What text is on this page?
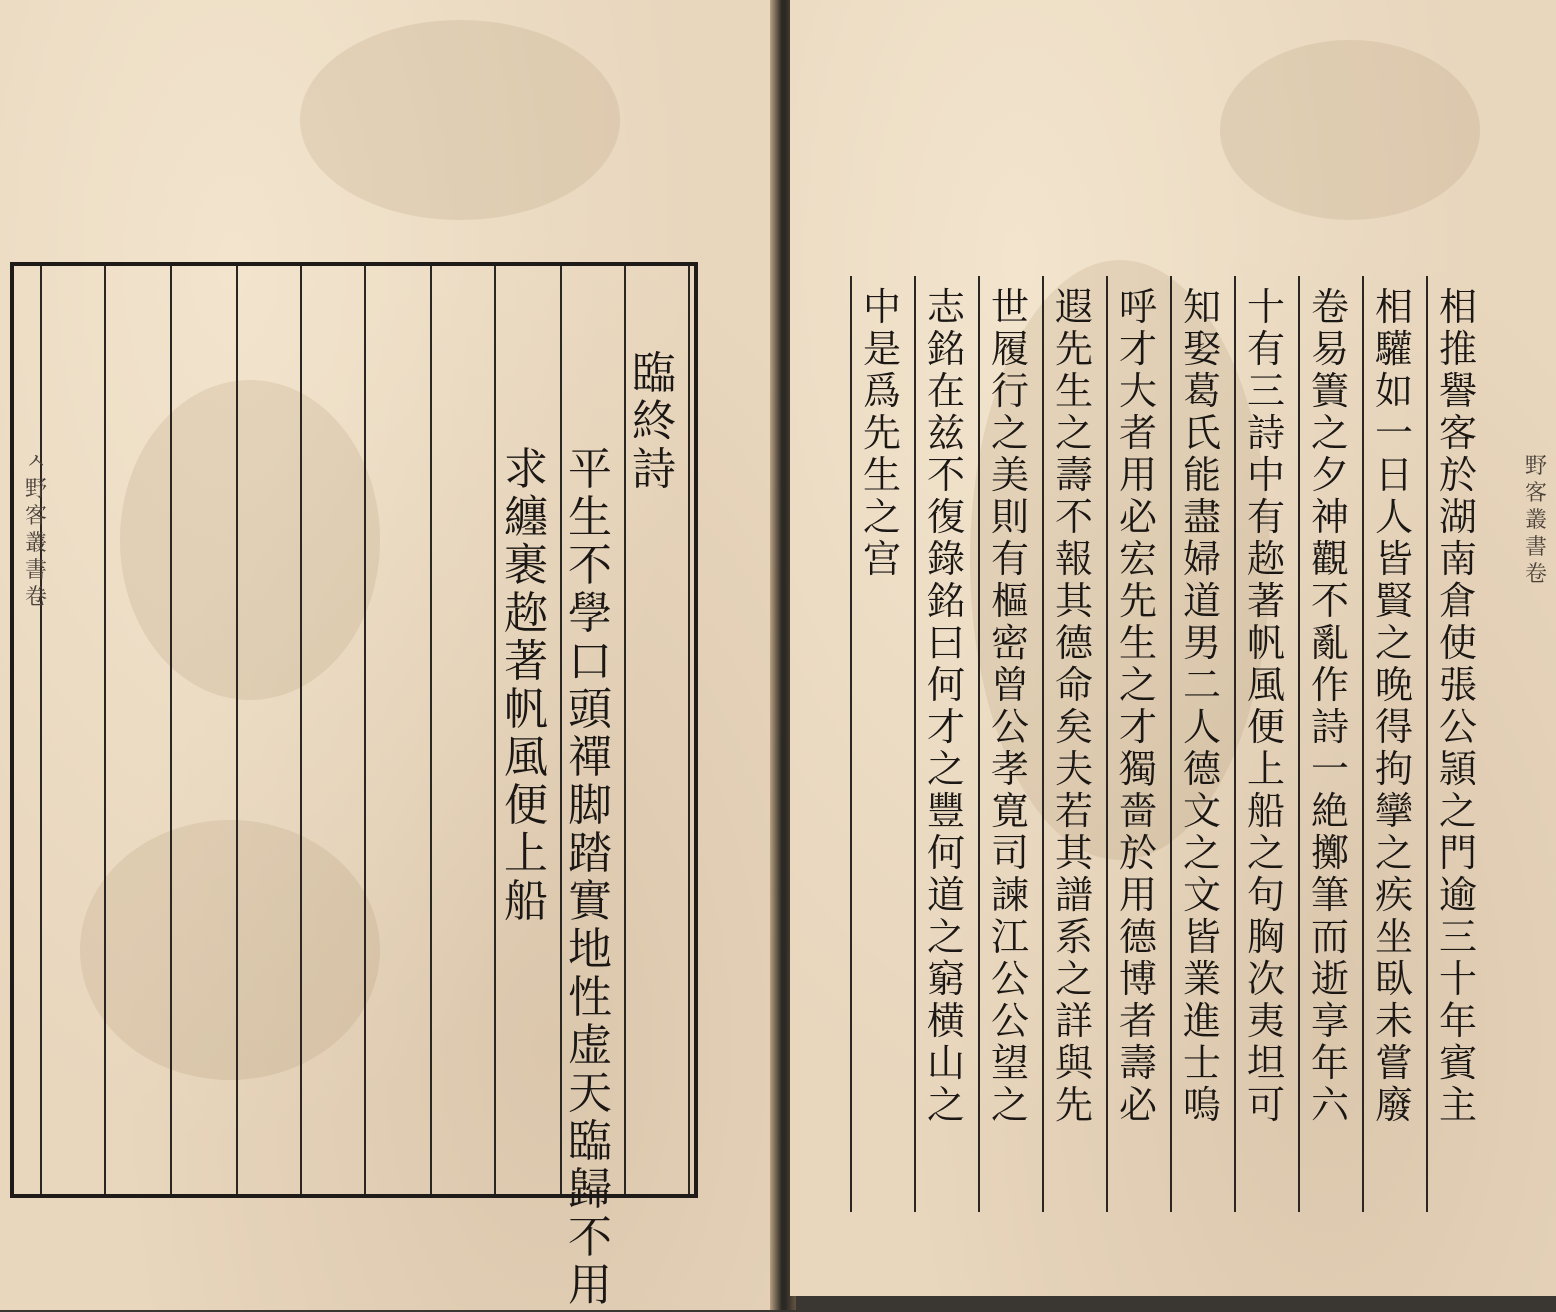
ㅅ
野
客
叢
書
卷
臨
終
詩
平
生
不
學
口
頭
禪
脚
踏
實
地
性
虚
天
臨
歸
不
用
求
纏
裹
趂
著
帆
風
便
上
船
野
客
叢
書
卷
相
推
譽
客
於
湖
南
倉
使
張
公
頴
之
門
逾
三
十
年
賓
主
相
驩
如
一
日
人
皆
賢
之
晚
得
拘
攣
之
疾
坐
臥
未
嘗
廢
卷
易
簀
之
夕
神
觀
不
亂
作
詩
一
絶
擲
筆
而
逝
享
年
六
十
有
三
詩
中
有
趂
著
帆
風
便
上
船
之
句
胸
次
夷
坦
可
知
娶
葛
氏
能
盡
婦
道
男
二
人
德
文
之
文
皆
業
進
士
嗚
呼
才
大
者
用
必
宏
先
生
之
才
獨
嗇
於
用
德
博
者
壽
必
遐
先
生
之
壽
不
報
其
德
命
矣
夫
若
其
譜
系
之
詳
與
先
世
履
行
之
美
則
有
樞
密
曾
公
孝
寛
司
諫
江
公
公
望
之
志
銘
在
兹
不
復
錄
銘
曰
何
才
之
豐
何
道
之
窮
横
山
之
中
是
爲
先
生
之
宫
